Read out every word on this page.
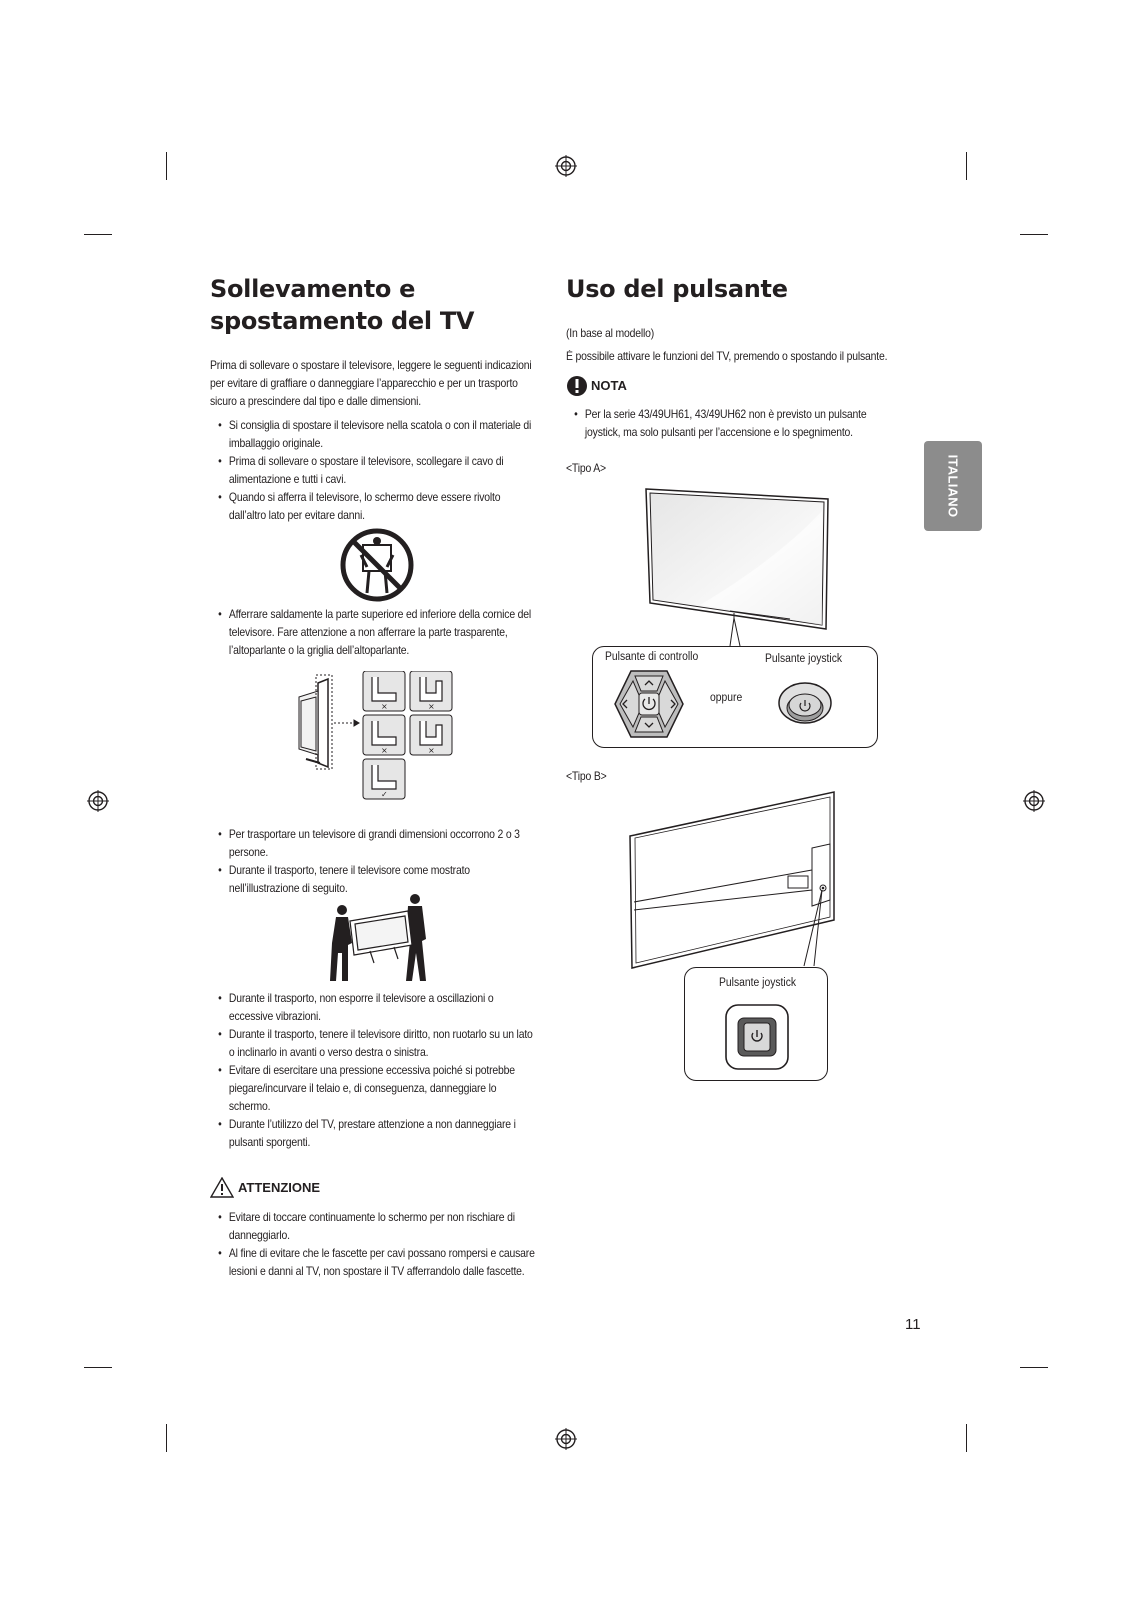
ITALIANO
Sollevamento e
spostamento del TV
Prima di sollevare o spostare il televisore, leggere le seguenti indicazioni per evitare di graffiare o danneggiare l’apparecchio e per un trasporto sicuro a prescindere dal tipo e dalle dimensioni.
• Si consiglia di spostare il televisore nella scatola o con il materiale di imballaggio originale.
• Prima di sollevare o spostare il televisore, scollegare il cavo di alimentazione e tutti i cavi.
• Quando si afferra il televisore, lo schermo deve essere rivolto dall’altro lato per evitare danni.
• Afferrare saldamente la parte superiore ed inferiore della cornice del televisore. Fare attenzione a non afferrare la parte trasparente, l’altoparlante o la griglia dell’altoparlante.
×	×
×	×
✓
• Per trasportare un televisore di grandi dimensioni occorrono 2 o 3 persone.
• Durante il trasporto, tenere il televisore come mostrato nell’illustrazione di seguito.
• Durante il trasporto, non esporre il televisore a oscillazioni o eccessive vibrazioni.
• Durante il trasporto, tenere il televisore diritto, non ruotarlo su un lato o inclinarlo in avanti o verso destra o sinistra.
• Evitare di esercitare una pressione eccessiva poiché si potrebbe piegare/incurvare il telaio e, di conseguenza, danneggiare lo schermo.
• Durante l’utilizzo del TV, prestare attenzione a non danneggiare i pulsanti sporgenti.
ATTENZIONE
• Evitare di toccare continuamente lo schermo per non rischiare di danneggiarlo.
• Al fine di evitare che le fascette per cavi possano rompersi e causare lesioni e danni al TV, non spostare il TV afferrandolo dalle fascette.
Uso del pulsante
(In base al modello)
È possibile attivare le funzioni del TV, premendo o spostando il pulsante.
NOTA
• Per la serie 43/49UH61, 43/49UH62 non è previsto un pulsante joystick, ma solo pulsanti per l’accensione e lo spegnimento.
<Tipo A>
Pulsante di controllo	Pulsante joystick
oppure
<Tipo B>
Pulsante joystick
11
